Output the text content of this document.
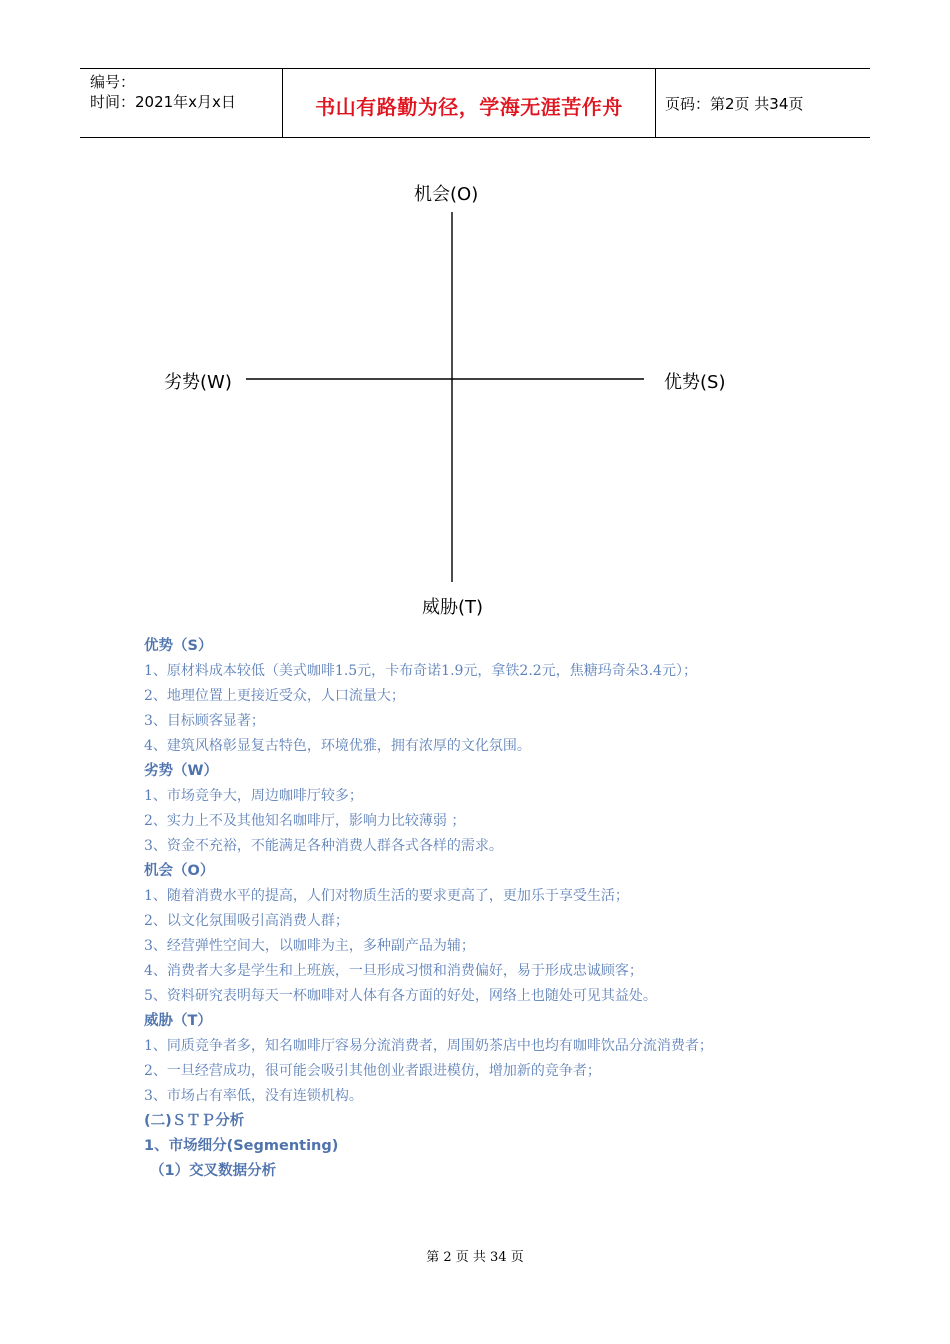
编号：
时间：2021年x月x日	书山有路勤为径，学海无涯苦作舟	页码：第2页 共34页
机会(O)
劣势(W)	优势(S)
威胁(T)
优势（S）
1、原材料成本较低（美式咖啡1.5元，卡布奇诺1.9元，拿铁2.2元，焦糖玛奇朵3.4元）；
2、地理位置上更接近受众，人口流量大；
3、目标顾客显著；
4、建筑风格彰显复古特色，环境优雅，拥有浓厚的文化氛围。
劣势（W）
1、市场竞争大，周边咖啡厅较多；
2、实力上不及其他知名咖啡厅，影响力比较薄弱 ；
3、资金不充裕，不能满足各种消费人群各式各样的需求。
机会（O）
1、随着消费水平的提高，人们对物质生活的要求更高了，更加乐于享受生活；
2、以文化氛围吸引高消费人群；
3、经营弹性空间大，以咖啡为主，多种副产品为辅；
4、消费者大多是学生和上班族，一旦形成习惯和消费偏好，易于形成忠诚顾客；
5、资料研究表明每天一杯咖啡对人体有各方面的好处，网络上也随处可见其益处。
威胁（T）
1、同质竞争者多，知名咖啡厅容易分流消费者，周围奶茶店中也均有咖啡饮品分流消费者；
2、一旦经营成功，很可能会吸引其他创业者跟进模仿，增加新的竞争者；
3、市场占有率低，没有连锁机构。
(二)ＳＴＰ分析
1、市场细分(Segmenting)
（1）交叉数据分析
第 2 页 共 34 页
